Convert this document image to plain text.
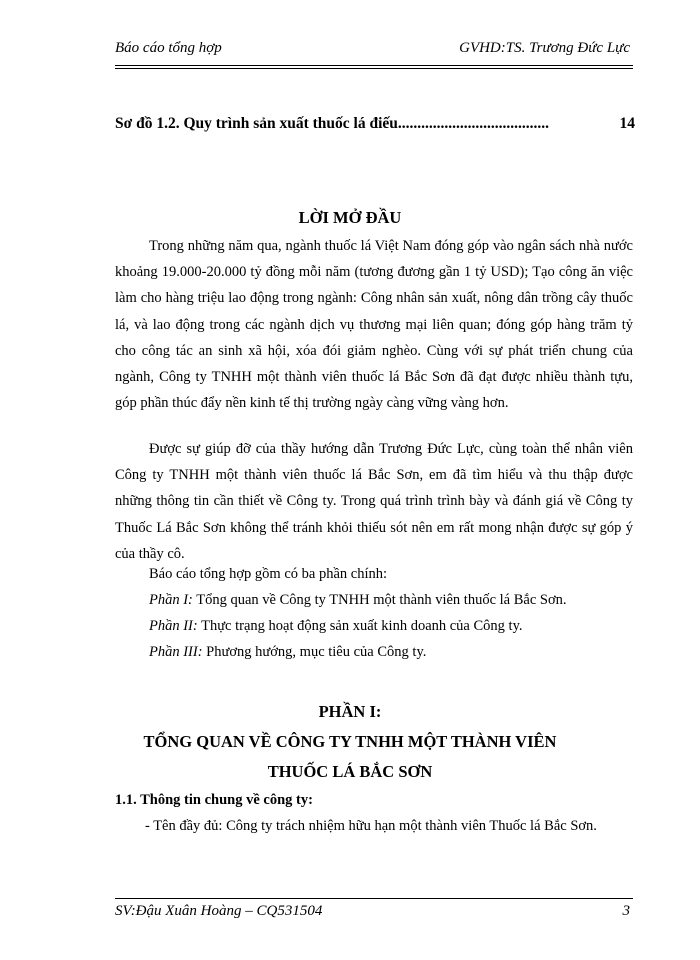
Báo cáo tổng hợp	GVHD:TS. Trương Đức Lực
Sơ đồ 1.2. Quy trình sản xuất thuốc lá điếu.......................................	14
LỜI MỞ ĐẦU
Trong những năm qua, ngành thuốc lá Việt Nam đóng góp vào ngân sách nhà nước khoảng 19.000-20.000 tỷ đồng mỗi năm (tương đương gần 1 tỷ USD); Tạo công ăn việc làm cho hàng triệu lao động trong ngành: Công nhân sản xuất, nông dân trồng cây thuốc lá, và lao động trong các ngành dịch vụ thương mại liên quan; đóng góp hàng trăm tỷ cho công tác an sinh xã hội, xóa đói giảm nghèo. Cùng với sự phát triển chung của ngành, Công ty TNHH một thành viên thuốc lá Bắc Sơn đã đạt được nhiều thành tựu, góp phần thúc đẩy nền kinh tế thị trường ngày càng vững vàng hơn.
Được sự giúp đỡ của thầy hướng dẫn Trương Đức Lực, cùng toàn thể nhân viên Công ty TNHH một thành viên thuốc lá Bắc Sơn, em đã tìm hiểu và thu thập được những thông tin cần thiết về Công ty. Trong quá trình trình bày và đánh giá về Công ty Thuốc Lá Bắc Sơn không thể tránh khỏi thiếu sót nên em rất mong nhận được sự góp ý của thầy cô.
Báo cáo tổng hợp gồm có ba phần chính:
Phần I: Tổng quan về Công ty TNHH một thành viên thuốc lá Bắc Sơn.
Phần II: Thực trạng hoạt động sản xuất kinh doanh của Công ty.
Phần III: Phương hướng, mục tiêu của Công ty.
PHẦN I:
TỔNG QUAN VỀ CÔNG TY TNHH MỘT THÀNH VIÊN
THUỐC LÁ BẮC SƠN
1.1. Thông tin chung về công ty:
- Tên đầy đủ: Công ty trách nhiệm hữu hạn một thành viên Thuốc lá Bắc Sơn.
SV:Đậu Xuân Hoàng – CQ531504	3
